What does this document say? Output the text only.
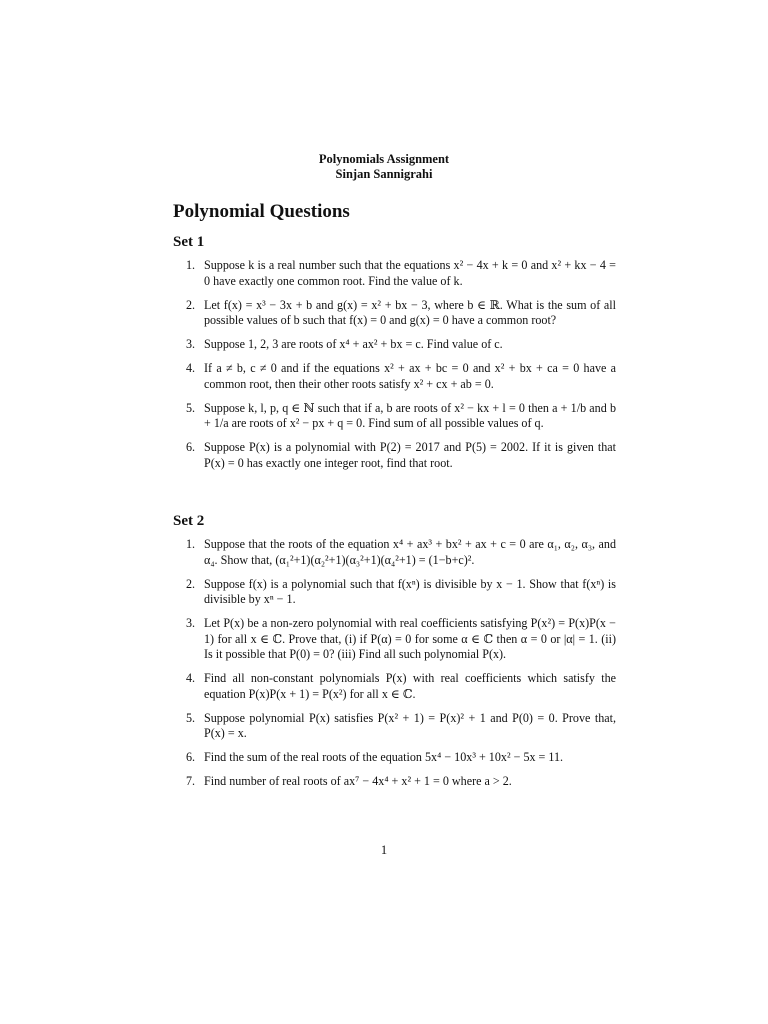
Polynomials Assignment
Sinjan Sannigrahi
Polynomial Questions
Set 1
1. Suppose k is a real number such that the equations x² − 4x + k = 0 and x² + kx − 4 = 0 have exactly one common root. Find the value of k.
2. Let f(x) = x³ − 3x + b and g(x) = x² + bx − 3, where b ∈ ℝ. What is the sum of all possible values of b such that f(x) = 0 and g(x) = 0 have a common root?
3. Suppose 1, 2, 3 are roots of x⁴ + ax² + bx = c. Find value of c.
4. If a ≠ b, c ≠ 0 and if the equations x² + ax + bc = 0 and x² + bx + ca = 0 have a common root, then their other roots satisfy x² + cx + ab = 0.
5. Suppose k, l, p, q ∈ ℕ such that if a, b are roots of x² − kx + l = 0 then a + 1/b and b + 1/a are roots of x² − px + q = 0. Find sum of all possible values of q.
6. Suppose P(x) is a polynomial with P(2) = 2017 and P(5) = 2002. If it is given that P(x) = 0 has exactly one integer root, find that root.
Set 2
1. Suppose that the roots of the equation x⁴ + ax³ + bx² + ax + c = 0 are α₁, α₂, α₃, and α₄. Show that, (α₁²+1)(α₂²+1)(α₃²+1)(α₄²+1) = (1−b+c)².
2. Suppose f(x) is a polynomial such that f(xⁿ) is divisible by x − 1. Show that f(xⁿ) is divisible by xⁿ − 1.
3. Let P(x) be a non-zero polynomial with real coefficients satisfying P(x²) = P(x)P(x − 1) for all x ∈ ℂ. Prove that, (i) if P(α) = 0 for some α ∈ ℂ then α = 0 or |α| = 1. (ii) Is it possible that P(0) = 0? (iii) Find all such polynomial P(x).
4. Find all non-constant polynomials P(x) with real coefficients which satisfy the equation P(x)P(x + 1) = P(x²) for all x ∈ ℂ.
5. Suppose polynomial P(x) satisfies P(x² + 1) = P(x)² + 1 and P(0) = 0. Prove that, P(x) = x.
6. Find the sum of the real roots of the equation 5x⁴ − 10x³ + 10x² − 5x = 11.
7. Find number of real roots of ax⁷ − 4x⁴ + x² + 1 = 0 where a > 2.
1
